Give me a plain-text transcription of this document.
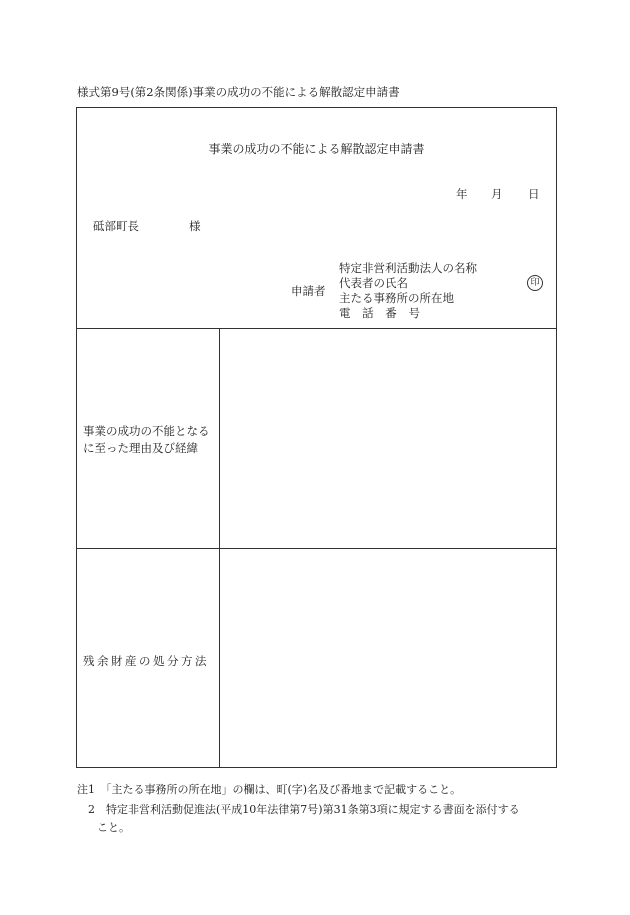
様式第9号(第2条関係)事業の成功の不能による解散認定申請書
事業の成功の不能による解散認定申請書
年 月 日
砥部町長	様
申請者
特定非営利活動法人の名称
代表者の氏名
主たる事務所の所在地
電 話 番 号
印
事業の成功の不能となるに至った理由及び経緯
残余財産の処分方法
注1　「主たる事務所の所在地」の欄は、町(字)名及び番地まで記載すること。
2　特定非営利活動促進法(平成10年法律第7号)第31条第3項に規定する書面を添付する
こと。
